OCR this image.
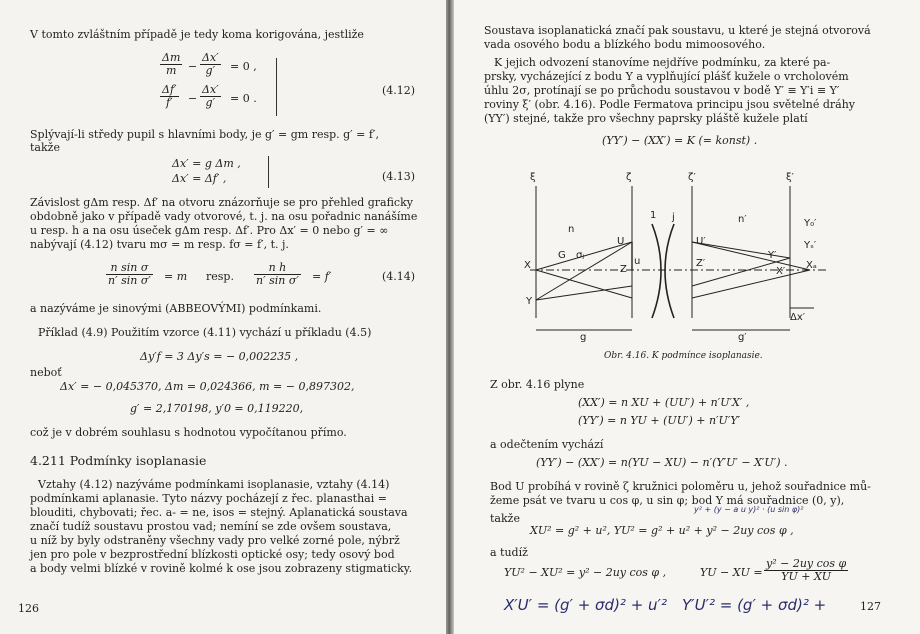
V tomto zvláštním případě je tedy koma korigována, jestliže
$\frac{\Delta m}{m} - \frac{\Delta x'}{g'} = 0$ ,
$\frac{\Delta f'}{f'} - \frac{\Delta x'}{g'} = 0$ .
(4.12)
Splývají-li středy pupil s hlavními body, je g′ = gm resp. g′ = f′,
takže
Δx′ = g Δm ,
Δx′ = Δf′ ,	(4.13)
Závislost gΔm resp. Δf′ na otvoru znázorňuje se pro přehled graficky
obdobně jako v případě vady otvorové, t. j. na osu pořadnic nanášíme
u resp. h a na osu úseček gΔm resp. Δf′. Pro Δx′ = 0 nebo g′ = ∞
nabývají (4.12) tvaru mσ = m resp. fσ = f′, t. j.
$\frac{\text{n sin σ}}{\text{n′ sin σ′}} = m$ resp. $\frac{\text{n h}}{\text{n′ sin σ′}} = f'$	(4.14)
a nazýváme je sinovými (ABBEOVÝMI) podmínkami.
Příklad (4.9) Použitím vzorce (4.11) vychází u příkladu (4.5)
Δy′f = 3 Δy′s = − 0,002235 ,
neboť
Δx′ = − 0,045370, Δm = 0,024366, m = − 0,897302,
g′ = 2,170198, y′0 = 0,119220,
což je v dobrém souhlasu s hodnotou vypočítanou přímo.
4.211 Podmínky isoplanasie
Vztahy (4.12) nazýváme podmínkami isoplanasie, vztahy (4.14)
podmínkami aplanasie. Tyto názvy pocházejí z řec. planasthai =
blouditi, chybovati; řec. a- = ne, isos = stejný. Aplanatická soustava
značí tudíž soustavu prostou vad; nemíní se zde ovšem soustava,
u níž by byly odstraněny všechny vady pro velké zorné pole, nýbrž
jen pro pole v bezprostřední blízkosti optické osy; tedy osový bod
a body velmi blízké v rovině kolmé k ose jsou zobrazeny stigmaticky.
126
Soustava isoplanatická značí pak soustavu, u které je stejná otvorová
vada osového bodu a blízkého bodu mimoosového.
K jejich odvození stanovíme nejdříve podmínku, za které pa-
prsky, vycházející z bodu Y a vyplňující plášť kužele o vrcholovém
úhlu 2σ, protínají se po průchodu soustavou v bodě Y′ ≡ Y′i ≡ Y′
roviny ξ′ (obr. 4.16). Podle Fermatova principu jsou světelné dráhy
(YY′) stejné, takže pro všechny paprsky pláště kužele platí
(YY′) − (XX′) = K (= konst) .
ξ	ζ	ζ′	ξ′
n
n′
G σⱼ
U
Z
u	Z′
U′
X
Y
Y′
X′
Y₀′
Yₛ′
Xₐ
1 j
g	g′
Δx′
Obr. 4.16. K podmínce isoplanasie.
Z obr. 4.16 plyne
(XX′) = n XU + (UU′) + n′U′X′ ,
(YY′) = n YU + (UU′) + n′U′Y′
a odečtením vychází
(YY′) − (XX′) = n(YU − XU) − n′(Y′U′ − X′U′) .
Bod U probíhá v rovině ζ kružnici poloměru u, jehož souřadnice mů-
žeme psát ve tvaru u cos φ, u sin φ; bod Y má souřadnice (0, y),
takže
y² + (y − a u y)² · (u sin φ)²
XU² = g² + u², YU² = g² + u² + y² − 2uy cos φ ,
a tudíž
YU² − XU² = y² − 2uy cos φ ,	YU − XU = $\frac{\text{y² − 2uy cos φ}}{YU + XU}$
X′U′ = (g′ + σd)² + u′² Y′U′² = (g′ + σd)² +	127
